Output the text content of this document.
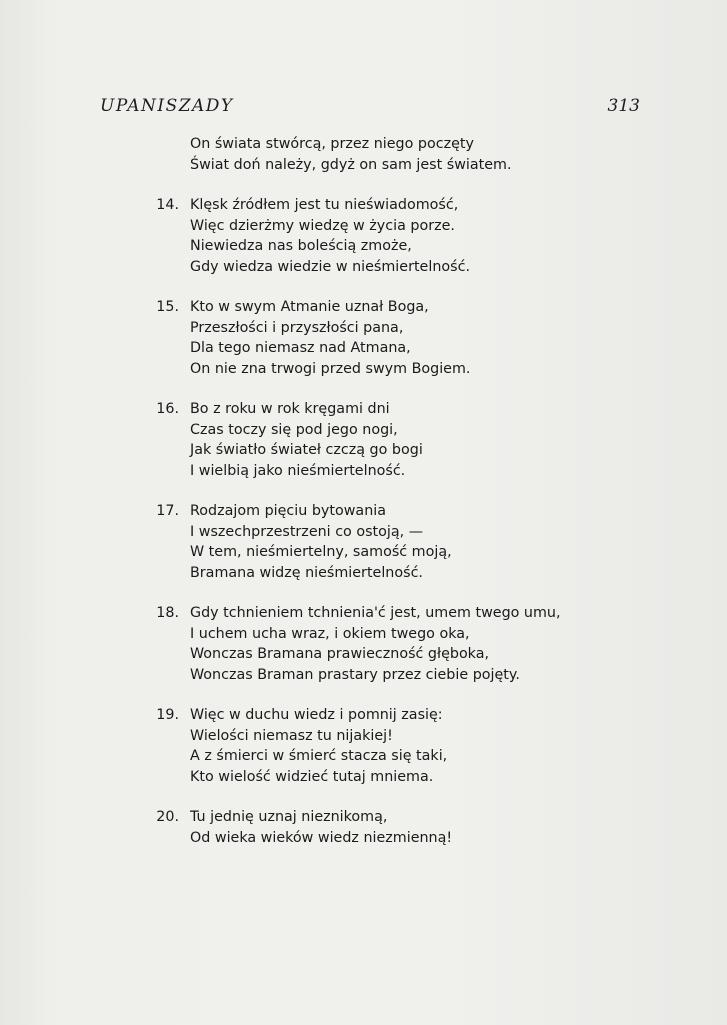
UPANISZADY	313
On świata stwórcą, przez niego poczęty
Świat doń należy, gdyż on sam jest światem.
14. Klęsk źródłem jest tu nieświadomość,
Więc dzierżmy wiedzę w życia porze.
Niewiedza nas boleścią zmoże,
Gdy wiedza wiedzie w nieśmiertelność.
15. Kto w swym Atmanie uznał Boga,
Przeszłości i przyszłości pana,
Dla tego niemasz nad Atmana,
On nie zna trwogi przed swym Bogiem.
16. Bo z roku w rok kręgami dni
Czas toczy się pod jego nogi,
Jak światło świateł czczą go bogi
I wielbią jako nieśmiertelność.
17. Rodzajom pięciu bytowania
I wszechprzestrzeni co ostoją, —
W tem, nieśmiertelny, samość moją,
Bramana widzę nieśmiertelność.
18. Gdy tchnieniem tchnienia'ć jest, umem twego umu,
I uchem ucha wraz, i okiem twego oka,
Wonczas Bramana prawieczność głęboka,
Wonczas Braman prastary przez ciebie pojęty.
19. Więc w duchu wiedz i pomnij zasię:
Wielości niemasz tu nijakiej!
A z śmierci w śmierć stacza się taki,
Kto wielość widzieć tutaj mniema.
20. Tu jednię uznaj nieznikomą,
Od wieka wieków wiedz niezmienną!
